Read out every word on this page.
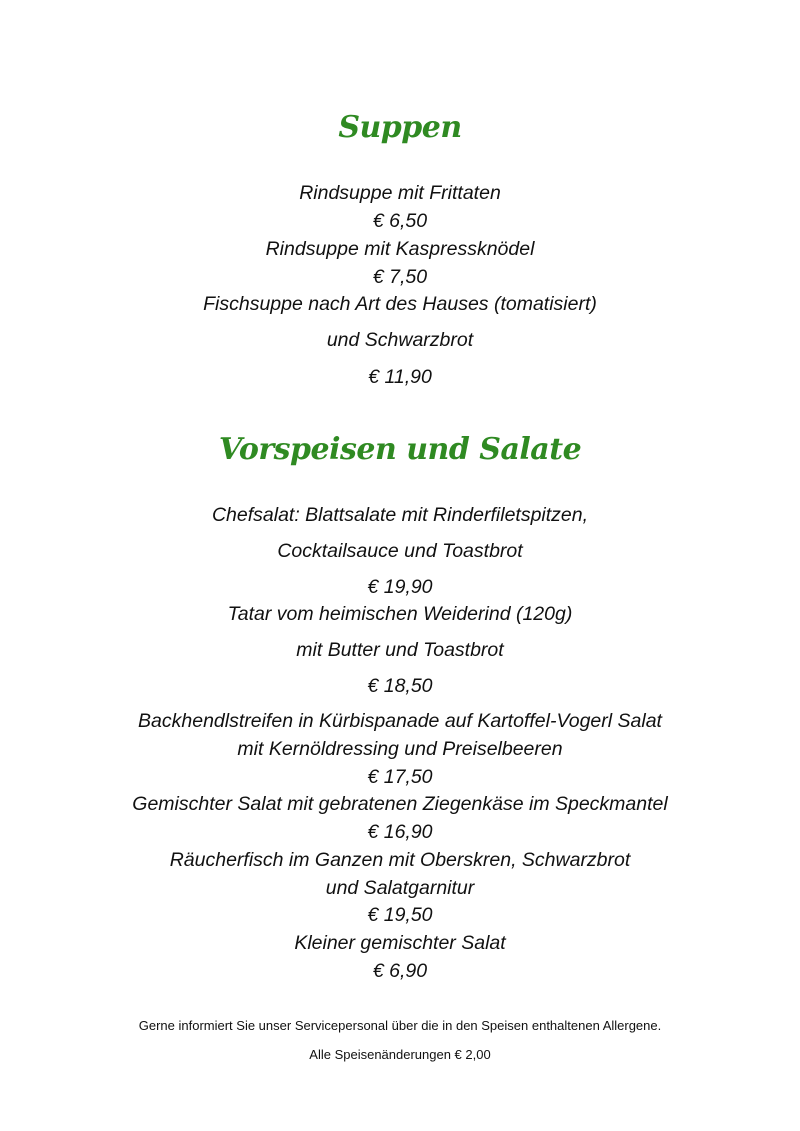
Suppen
Rindsuppe mit Frittaten
€ 6,50
Rindsuppe mit Kaspressknödel
€ 7,50
Fischsuppe nach Art des Hauses (tomatisiert)
und Schwarzbrot
€ 11,90
Vorspeisen und Salate
Chefsalat: Blattsalate mit Rinderfiletspitzen,
Cocktailsauce und Toastbrot
€ 19,90
Tatar vom heimischen Weiderind (120g)
mit Butter und Toastbrot
€ 18,50
Backhendlstreifen in Kürbispanade auf Kartoffel-Vogerl Salat
mit Kernöldressing und Preiselbeeren
€ 17,50
Gemischter Salat mit gebratenen Ziegenkäse im Speckmantel
€ 16,90
Räucherfisch im Ganzen mit Oberskren, Schwarzbrot
und Salatgarnitur
€ 19,50
Kleiner gemischter Salat
€ 6,90
Gerne informiert Sie unser Servicepersonal über die in den Speisen enthaltenen Allergene.
Alle Speisenänderungen € 2,00
